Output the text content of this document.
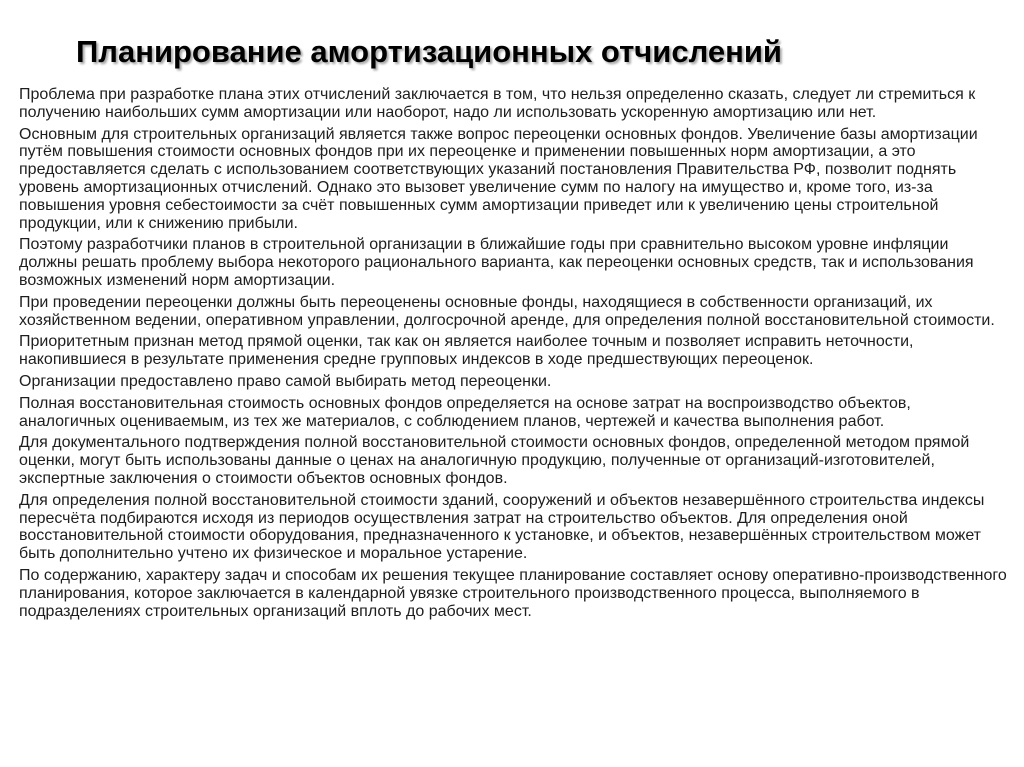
Планирование амортизационных отчислений

Проблема при разработке плана этих отчислений заключается в том, что нельзя определенно сказать, следует ли стремиться к получению наибольших сумм амортизации или наоборот, надо ли использовать ускоренную амортизацию или нет.

Основным для строительных организаций является также вопрос переоценки основных фондов. Увеличение базы амортизации путём повышения стоимости основных фондов при их переоценке и применении повышенных норм амортизации, а это предоставляется сделать с использованием соответствующих указаний постановления Правительства РФ, позволит поднять уровень амортизационных отчислений. Однако это вызовет увеличение сумм по налогу на имущество и, кроме того, из-за повышения уровня себестоимости за счёт повышенных сумм амортизации приведет или к увеличению цены строительной продукции, или к снижению прибыли.

Поэтому разработчики планов в строительной организации в ближайшие годы при сравнительно высоком уровне инфляции должны решать проблему выбора некоторого рационального варианта, как переоценки основных средств, так и использования возможных изменений норм амортизации.

При проведении переоценки должны быть переоценены основные фонды, находящиеся в собственности организаций, их хозяйственном ведении, оперативном управлении, долгосрочной аренде, для определения полной восстановительной стоимости.

Приоритетным признан метод прямой оценки, так как он является наиболее точным и позволяет исправить неточности, накопившиеся в результате применения средне групповых индексов в ходе предшествующих переоценок.

Организации предоставлено право самой выбирать метод переоценки.

Полная восстановительная стоимость основных фондов определяется на основе затрат на воспроизводство объектов, аналогичных оцениваемым, из тех же материалов, с соблюдением планов, чертежей и качества выполнения работ.

Для документального подтверждения полной восстановительной стоимости основных фондов, определенной методом прямой оценки, могут быть использованы данные о ценах на аналогичную продукцию, полученные от организаций-изготовителей, экспертные заключения о стоимости объектов основных фондов.

Для определения полной восстановительной стоимости зданий, сооружений и объектов незавершённого строительства индексы пересчёта подбираются исходя из периодов осуществления затрат на строительство объектов. Для определения оной восстановительной стоимости оборудования, предназначенного к установке, и объектов, незавершённых строительством может быть дополнительно учтено их физическое и моральное устарение.

По содержанию, характеру задач и способам их решения текущее планирование составляет основу оперативно-производственного планирования, которое заключается в календарной увязке строительного производственного процесса, выполняемого в подразделениях строительных организаций вплоть до рабочих мест.
